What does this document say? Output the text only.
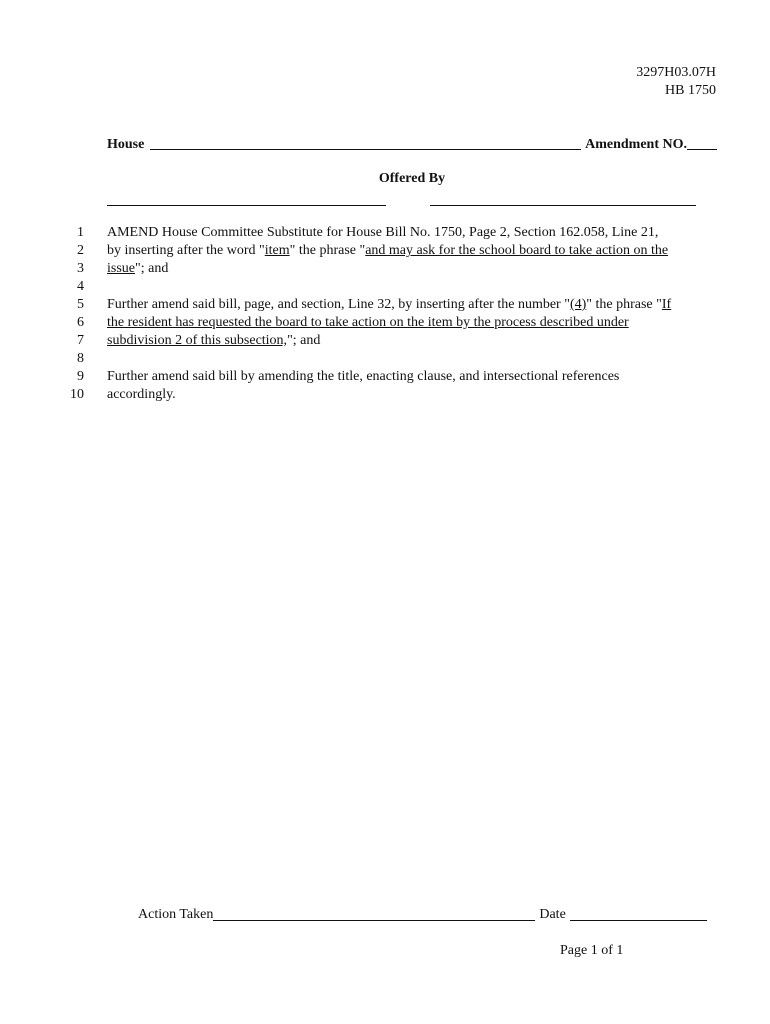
3297H03.07H
HB 1750
House	Amendment NO.
Offered By
1
2
3
4
5
6
7
8
9
10
AMEND House Committee Substitute for House Bill No. 1750, Page 2, Section 162.058, Line 21,
by inserting after the word "item" the phrase "and may ask for the school board to take action on the
issue"; and
Further amend said bill, page, and section, Line 32, by inserting after the number "(4)" the phrase "If
the resident has requested the board to take action on the item by the process described under
subdivision 2 of this subsection,"; and
Further amend said bill by amending the title, enacting clause, and intersectional references
accordingly.
Action Taken	Date
Page 1 of 1
